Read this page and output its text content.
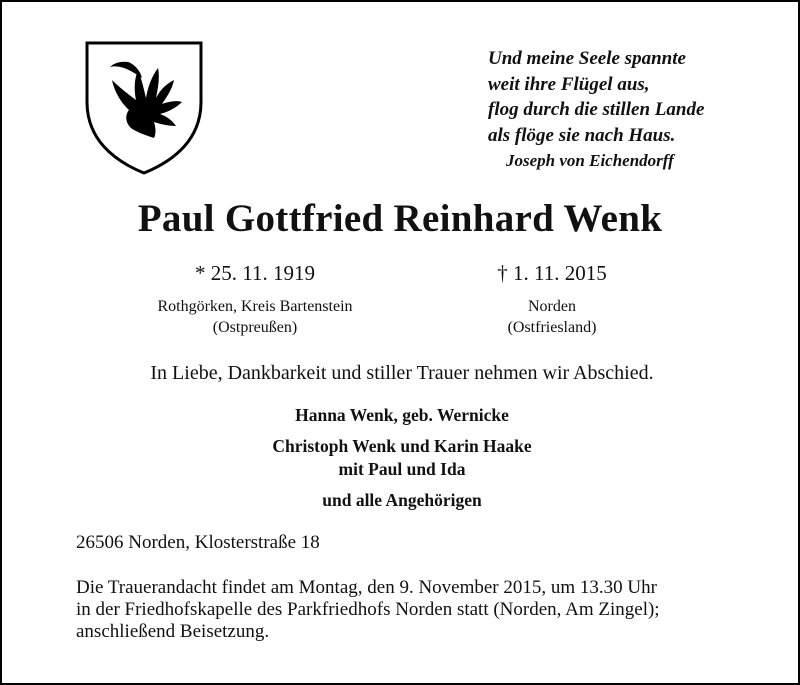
Und meine Seele spannte
weit ihre Flügel aus,
flog durch die stillen Lande
als flöge sie nach Haus.
Joseph von Eichendorff
Paul Gottfried Reinhard Wenk
* 25. 11. 1919
Rothgörken, Kreis Bartenstein
(Ostpreußen)
† 1. 11. 2015
Norden
(Ostfriesland)
In Liebe, Dankbarkeit und stiller Trauer nehmen wir Abschied.
Hanna Wenk, geb. Wernicke
Christoph Wenk und Karin Haake
mit Paul und Ida
und alle Angehörigen
26506 Norden, Klosterstraße 18
Die Trauerandacht findet am Montag, den 9. November 2015, um 13.30 Uhr
in der Friedhofskapelle des Parkfriedhofs Norden statt (Norden, Am Zingel);
anschließend Beisetzung.
